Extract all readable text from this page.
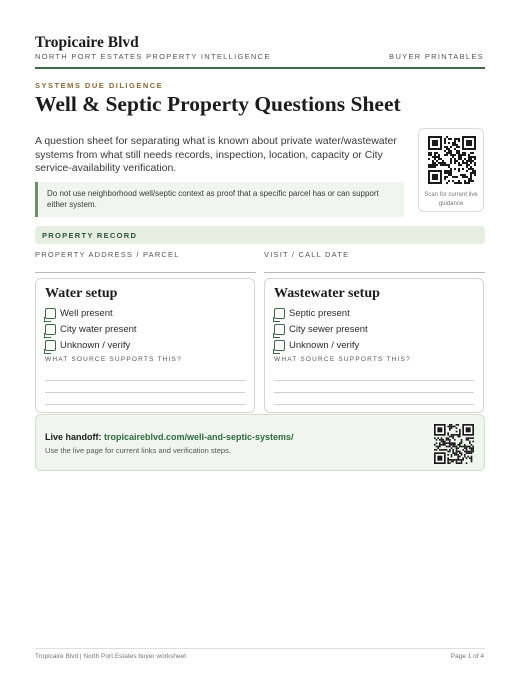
Tropicaire Blvd
NORTH PORT ESTATES PROPERTY INTELLIGENCE	BUYER PRINTABLES
SYSTEMS DUE DILIGENCE
Well & Septic Property Questions Sheet
A question sheet for separating what is known about private water/wastewater systems from what still needs records, inspection, location, capacity or City service-availability verification.
Scan for current live guidance
Do not use neighborhood well/septic context as proof that a specific parcel has or can support either system.
PROPERTY RECORD
PROPERTY ADDRESS / PARCEL	VISIT / CALL DATE
Water setup
Well present
City water present
Unknown / verify
WHAT SOURCE SUPPORTS THIS?
Wastewater setup
Septic present
City sewer present
Unknown / verify
WHAT SOURCE SUPPORTS THIS?
Live handoff: tropicaireblvd.com/well-and-septic-systems/
Use the live page for current links and verification steps.
Tropicaire Blvd | North Port Estates buyer worksheet	Page 1 of 4
